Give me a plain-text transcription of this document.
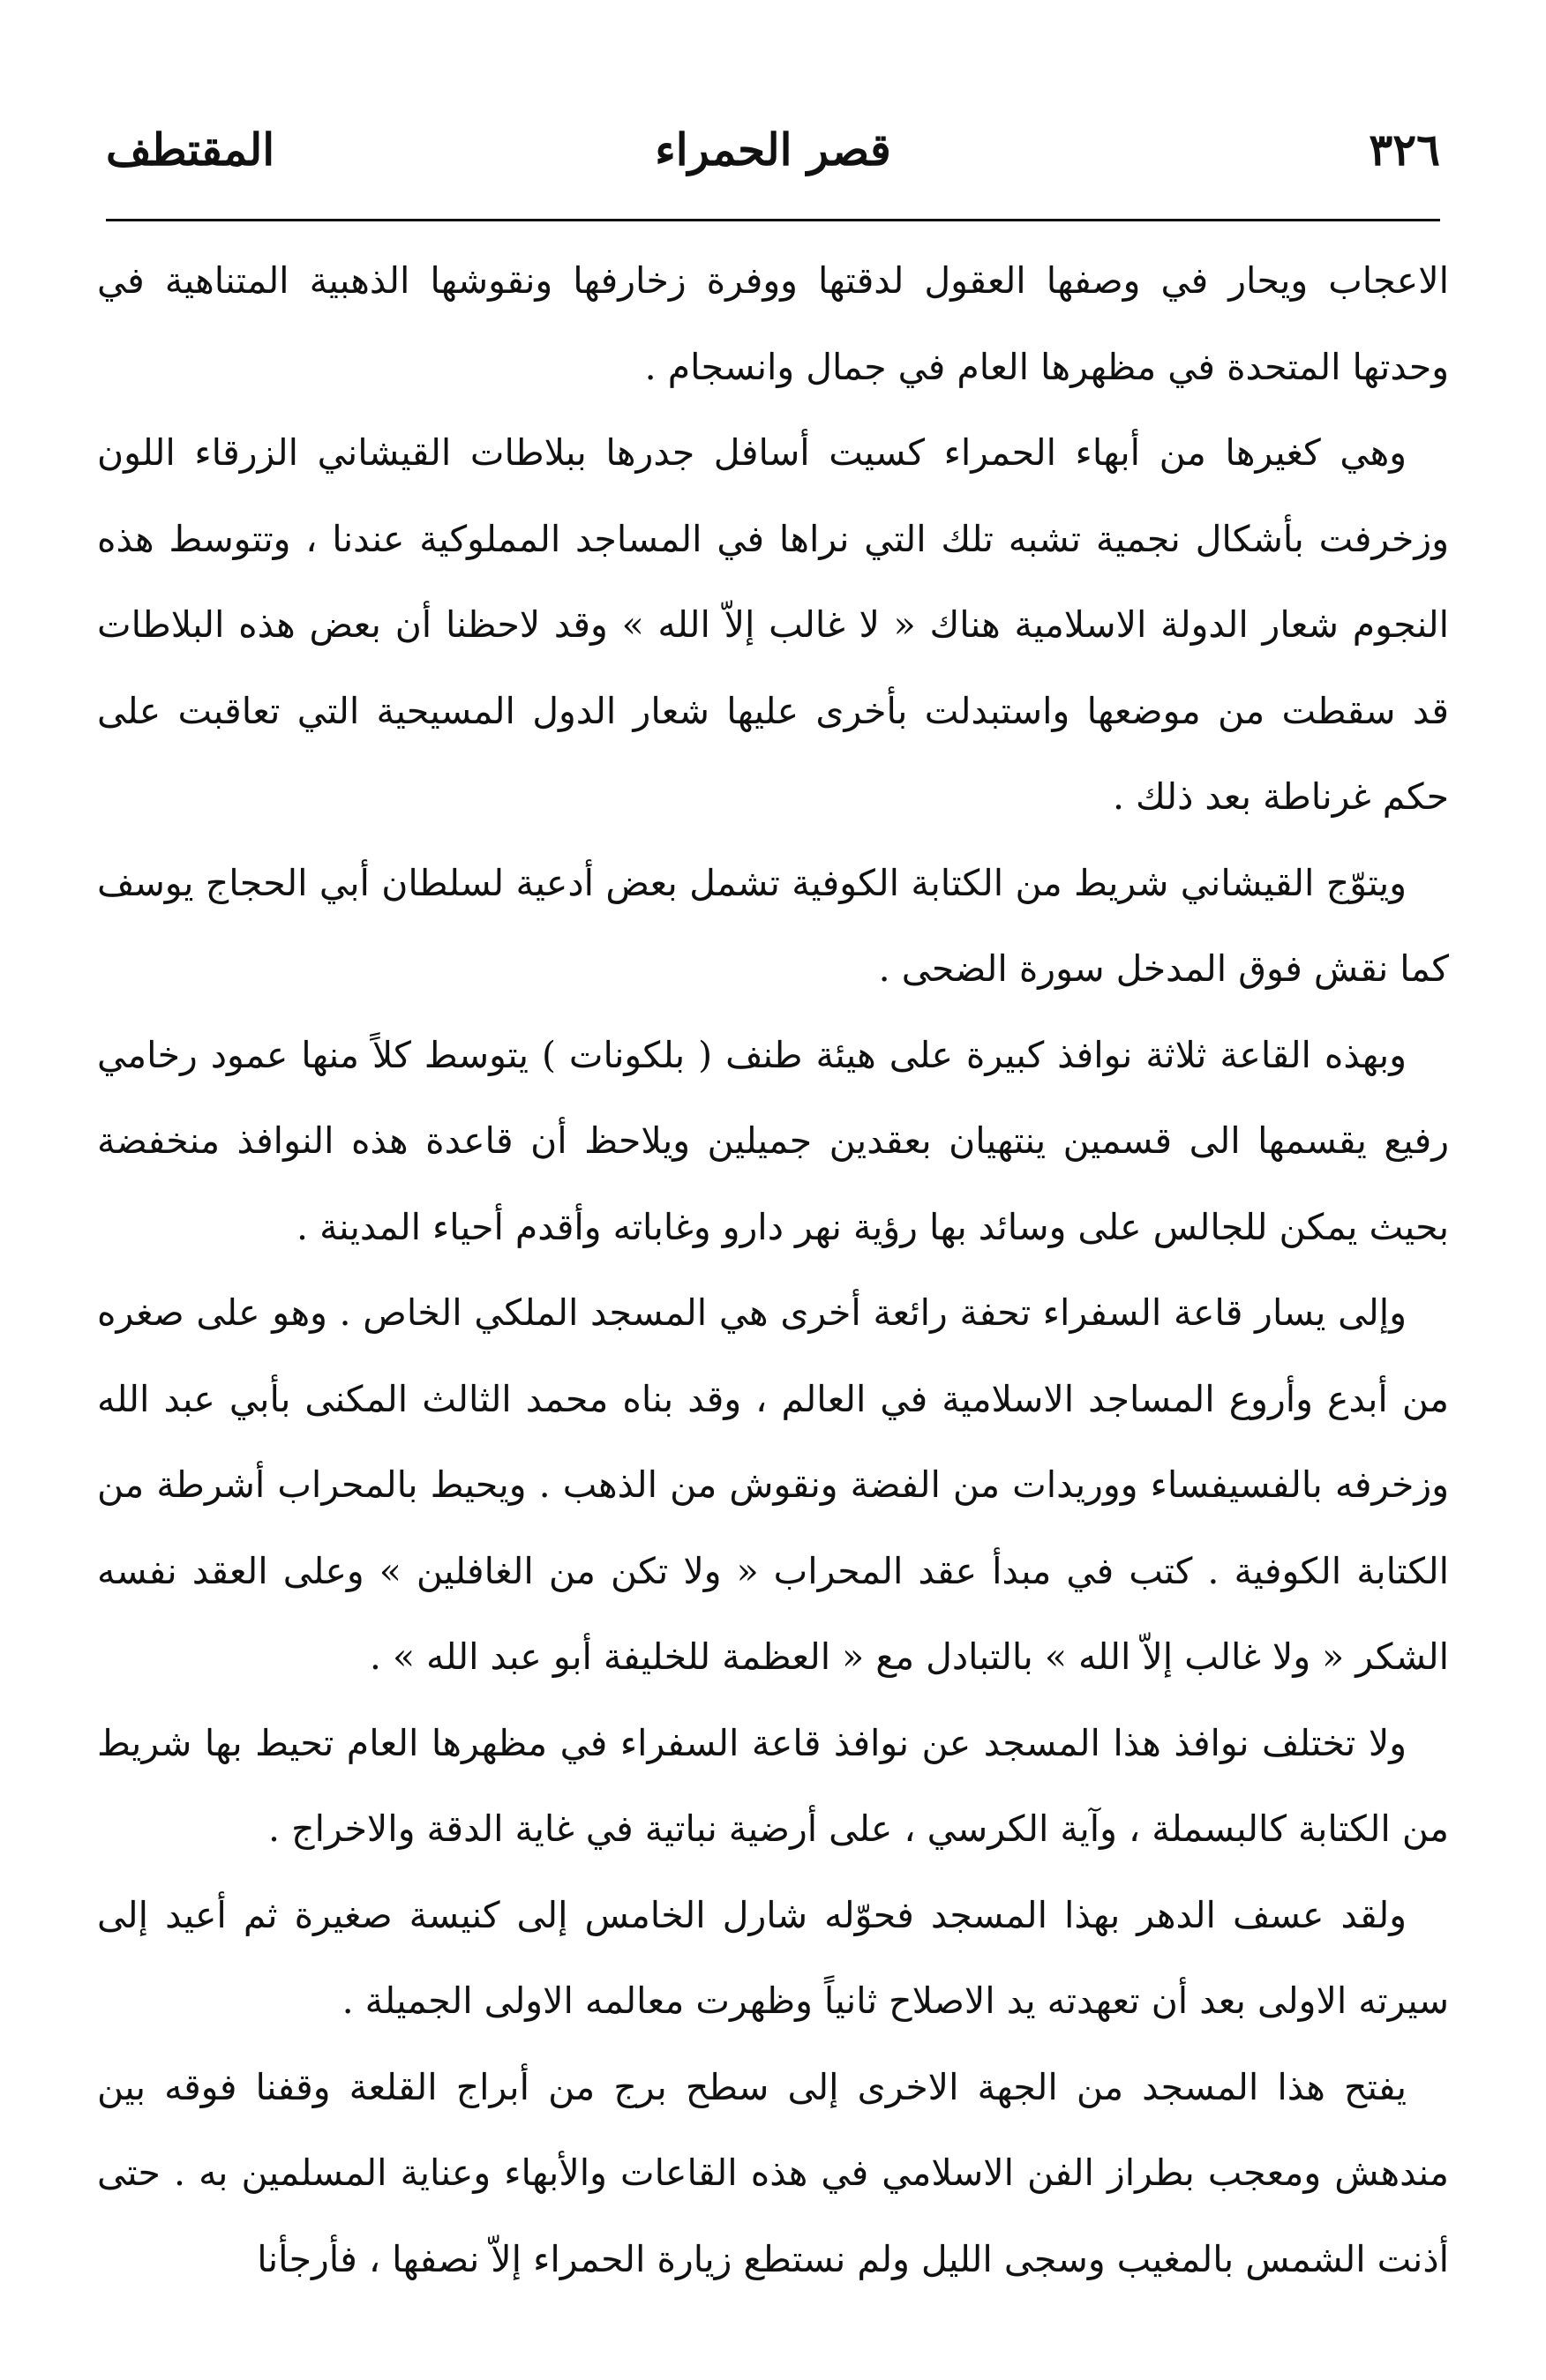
٣٢٦
قصر الحمراء
المقتطف

الاعجاب ويحار في وصفها العقول لدقتها ووفرة زخارفها ونقوشها الذهبية المتناهية في وحدتها المتحدة في مظهرها العام في جمال وانسجام .

وهي كغيرها من أبهاء الحمراء كسيت أسافل جدرها ببلاطات القيشاني الزرقاء اللون وزخرفت بأشكال نجمية تشبه تلك التي نراها في المساجد المملوكية عندنا ، وتتوسط هذه النجوم شعار الدولة الاسلامية هناك « لا غالب إلاّ الله » وقد لاحظنا أن بعض هذه البلاطات قد سقطت من موضعها واستبدلت بأخرى عليها شعار الدول المسيحية التي تعاقبت على حكم غرناطة بعد ذلك .

ويتوّج القيشاني شريط من الكتابة الكوفية تشمل بعض أدعية لسلطان أبي الحجاج يوسف كما نقش فوق المدخل سورة الضحى .

وبهذه القاعة ثلاثة نوافذ كبيرة على هيئة طنف ( بلكونات ) يتوسط كلاً منها عمود رخامي رفيع يقسمها الى قسمين ينتهيان بعقدين جميلين ويلاحظ أن قاعدة هذه النوافذ منخفضة بحيث يمكن للجالس على وسائد بها رؤية نهر دارو وغاباته وأقدم أحياء المدينة .

وإلى يسار قاعة السفراء تحفة رائعة أخرى هي المسجد الملكي الخاص . وهو على صغره من أبدع وأروع المساجد الاسلامية في العالم ، وقد بناه محمد الثالث المكنى بأبي عبد الله وزخرفه بالفسيفساء ووريدات من الفضة ونقوش من الذهب . ويحيط بالمحراب أشرطة من الكتابة الكوفية . كتب في مبدأ عقد المحراب « ولا تكن من الغافلين » وعلى العقد نفسه الشكر « ولا غالب إلاّ الله » بالتبادل مع « العظمة للخليفة أبو عبد الله » .

ولا تختلف نوافذ هذا المسجد عن نوافذ قاعة السفراء في مظهرها العام تحيط بها شريط من الكتابة كالبسملة ، وآية الكرسي ، على أرضية نباتية في غاية الدقة والاخراج .

ولقد عسف الدهر بهذا المسجد فحوّله شارل الخامس إلى كنيسة صغيرة ثم أعيد إلى سيرته الاولى بعد أن تعهدته يد الاصلاح ثانياً وظهرت معالمه الاولى الجميلة .

يفتح هذا المسجد من الجهة الاخرى إلى سطح برج من أبراج القلعة وقفنا فوقه بين مندهش ومعجب بطراز الفن الاسلامي في هذه القاعات والأبهاء وعناية المسلمين به . حتى أذنت الشمس بالمغيب وسجى الليل ولم نستطع زيارة الحمراء إلاّ نصفها ، فأرجأنا
